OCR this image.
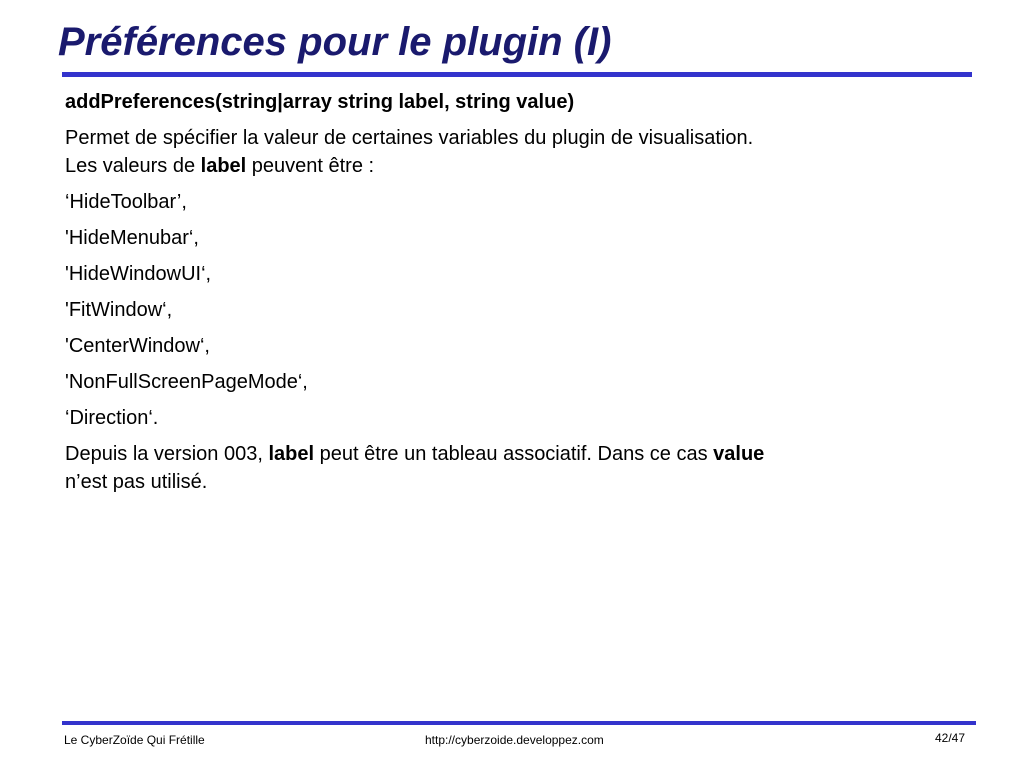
Préférences pour le plugin (I)

addPreferences(string|array string label, string value)

Permet de spécifier la valeur de certaines variables du plugin de visualisation.
Les valeurs de label peuvent être :

‘HideToolbar’,

'HideMenubar‘,

'HideWindowUI‘,

'FitWindow‘,

'CenterWindow‘,

'NonFullScreenPageMode‘,

‘Direction‘.

Depuis la version 003, label peut être un tableau associatif. Dans ce cas value
n’est pas utilisé.

Le CyberZoïde Qui Frétille	http://cyberzoide.developpez.com	42/47
